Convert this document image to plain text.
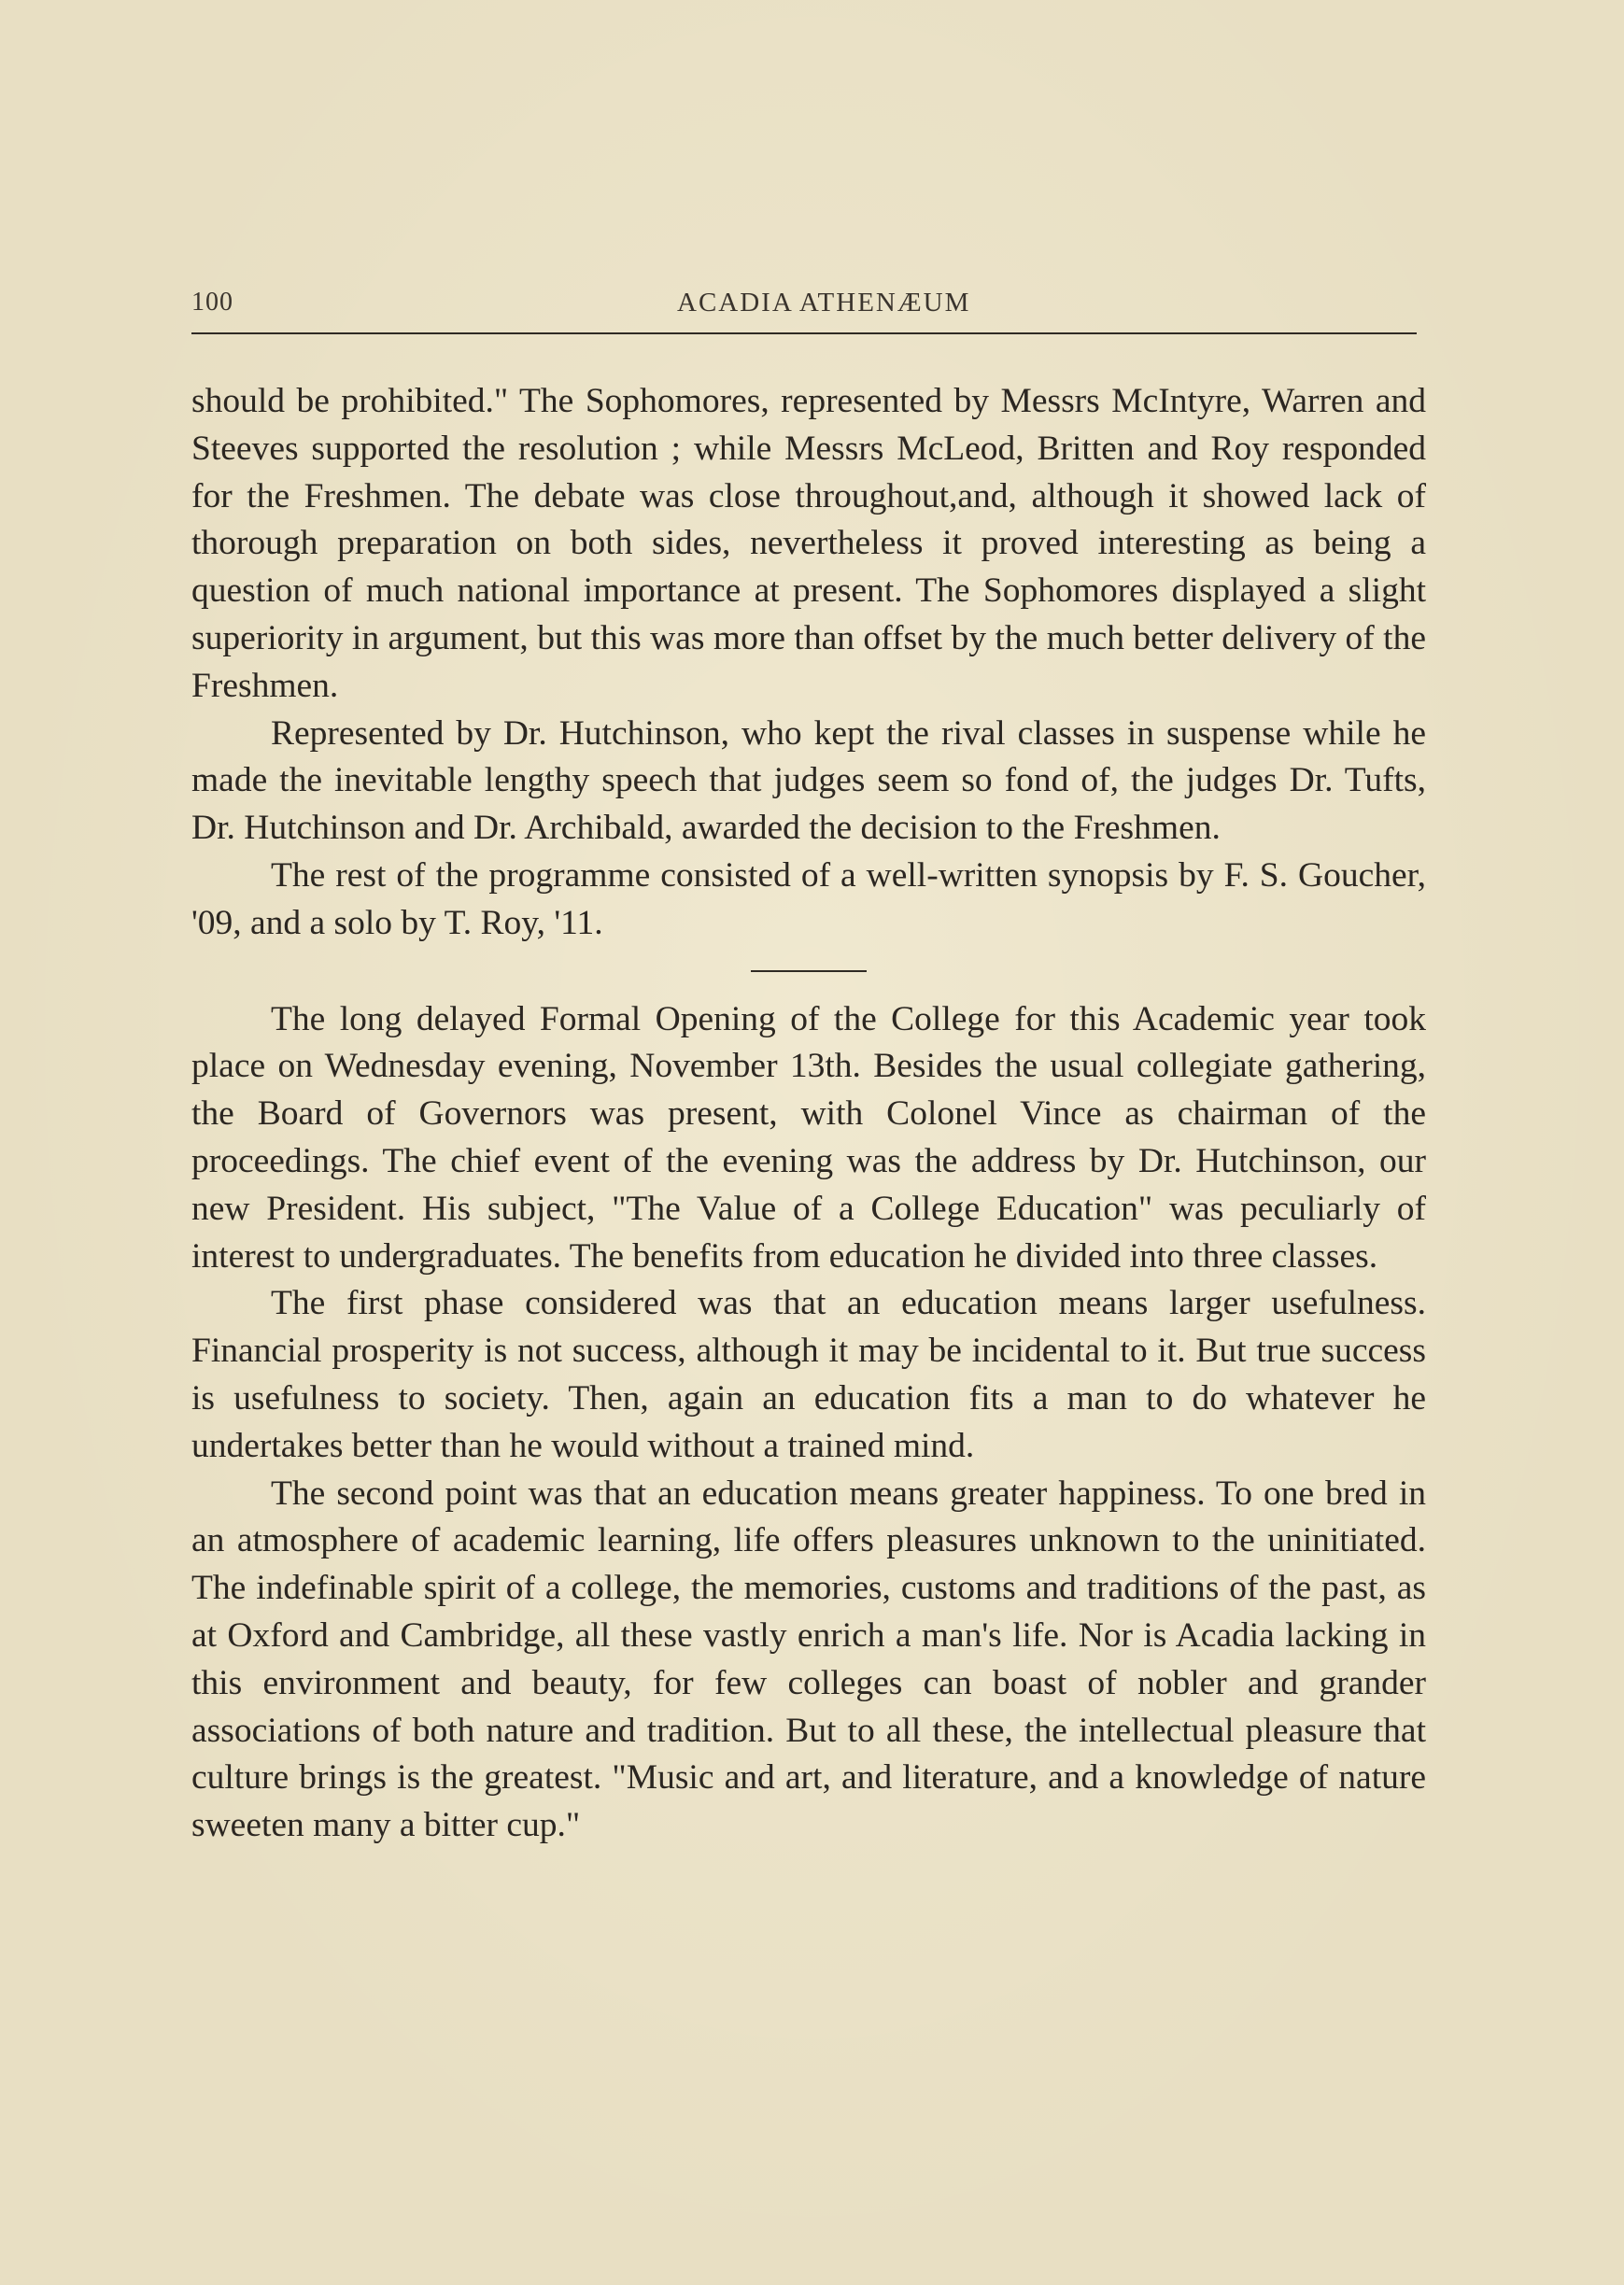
100	ACADIA ATHENÆUM

should be prohibited." The Sophomores, represented by Messrs McIntyre, Warren and Steeves supported the resolution ; while Messrs McLeod, Britten and Roy responded for the Freshmen. The debate was close throughout,and, although it showed lack of thorough preparation on both sides, nevertheless it proved interesting as being a question of much national importance at present. The Sophomores displayed a slight superiority in argument, but this was more than offset by the much better delivery of the Freshmen.

Represented by Dr. Hutchinson, who kept the rival classes in suspense while he made the inevitable lengthy speech that judges seem so fond of, the judges Dr. Tufts, Dr. Hutchinson and Dr. Archibald, awarded the decision to the Freshmen.

The rest of the programme consisted of a well-written synopsis by F. S. Goucher, '09, and a solo by T. Roy, '11.

The long delayed Formal Opening of the College for this Academic year took place on Wednesday evening, November 13th. Besides the usual collegiate gathering, the Board of Governors was present, with Colonel Vince as chairman of the proceedings. The chief event of the evening was the address by Dr. Hutchinson, our new President. His subject, "The Value of a College Education" was peculiarly of interest to undergraduates. The benefits from education he divided into three classes.

The first phase considered was that an education means larger usefulness. Financial prosperity is not success, although it may be incidental to it. But true success is usefulness to society. Then, again an education fits a man to do whatever he undertakes better than he would without a trained mind.

The second point was that an education means greater happiness. To one bred in an atmosphere of academic learning, life offers pleasures unknown to the uninitiated. The indefinable spirit of a college, the memories, customs and traditions of the past, as at Oxford and Cambridge, all these vastly enrich a man's life. Nor is Acadia lacking in this environment and beauty, for few colleges can boast of nobler and grander associations of both nature and tradition. But to all these, the intellectual pleasure that culture brings is the greatest. "Music and art, and literature, and a knowledge of nature sweeten many a bitter cup."
